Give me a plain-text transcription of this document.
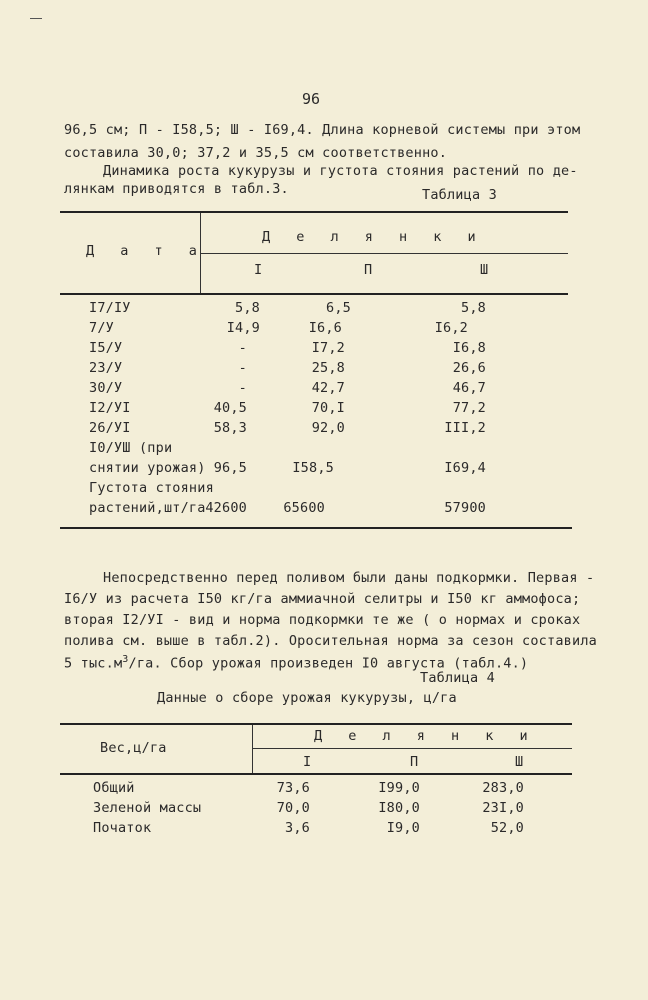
96
96,5 см; П - I58,5; Ш - I69,4. Длина корневой системы при этом
составила 30,0; 37,2 и 35,5 см соответственно.
Динамика роста кукурузы и густота стояния растений по де-
лянкам приводятся в табл.3.	Таблица 3
Д а т а
Д е л я н к и
I	П	Ш
I7/IУ	5,8	6,5	5,8
7/У	I4,9	I6,6	I6,2
I5/У	-	I7,2	I6,8
23/У	-	25,8	26,6
30/У	-	42,7	46,7
I2/УI	40,5	70,I	77,2
26/УI	58,3	92,0	III,2
I0/УШ (при
снятии урожая) 96,5	I58,5	I69,4
Густота стояния
растений,шт/га 42600	65600	57900
Непосредственно перед поливом были даны подкормки. Первая -
I6/У из расчета I50 кг/га аммиачной селитры и I50 кг аммофоса;
вторая I2/УI - вид и норма подкормки те же ( о нормах и сроках
полива см. выше в табл.2). Оросительная норма за сезон составила
5 $тыс.м^3/га$. Сбор урожая произведен I0 августа (табл.4.)
Таблица 4
Данные о сборе урожая кукурузы, ц/га
Вес,ц/га
Д е л я н к и
I	П	Ш
Общий	73,6	I99,0	283,0
Зеленой массы	70,0	I80,0	23I,0
Початок	3,6	I9,0	52,0
